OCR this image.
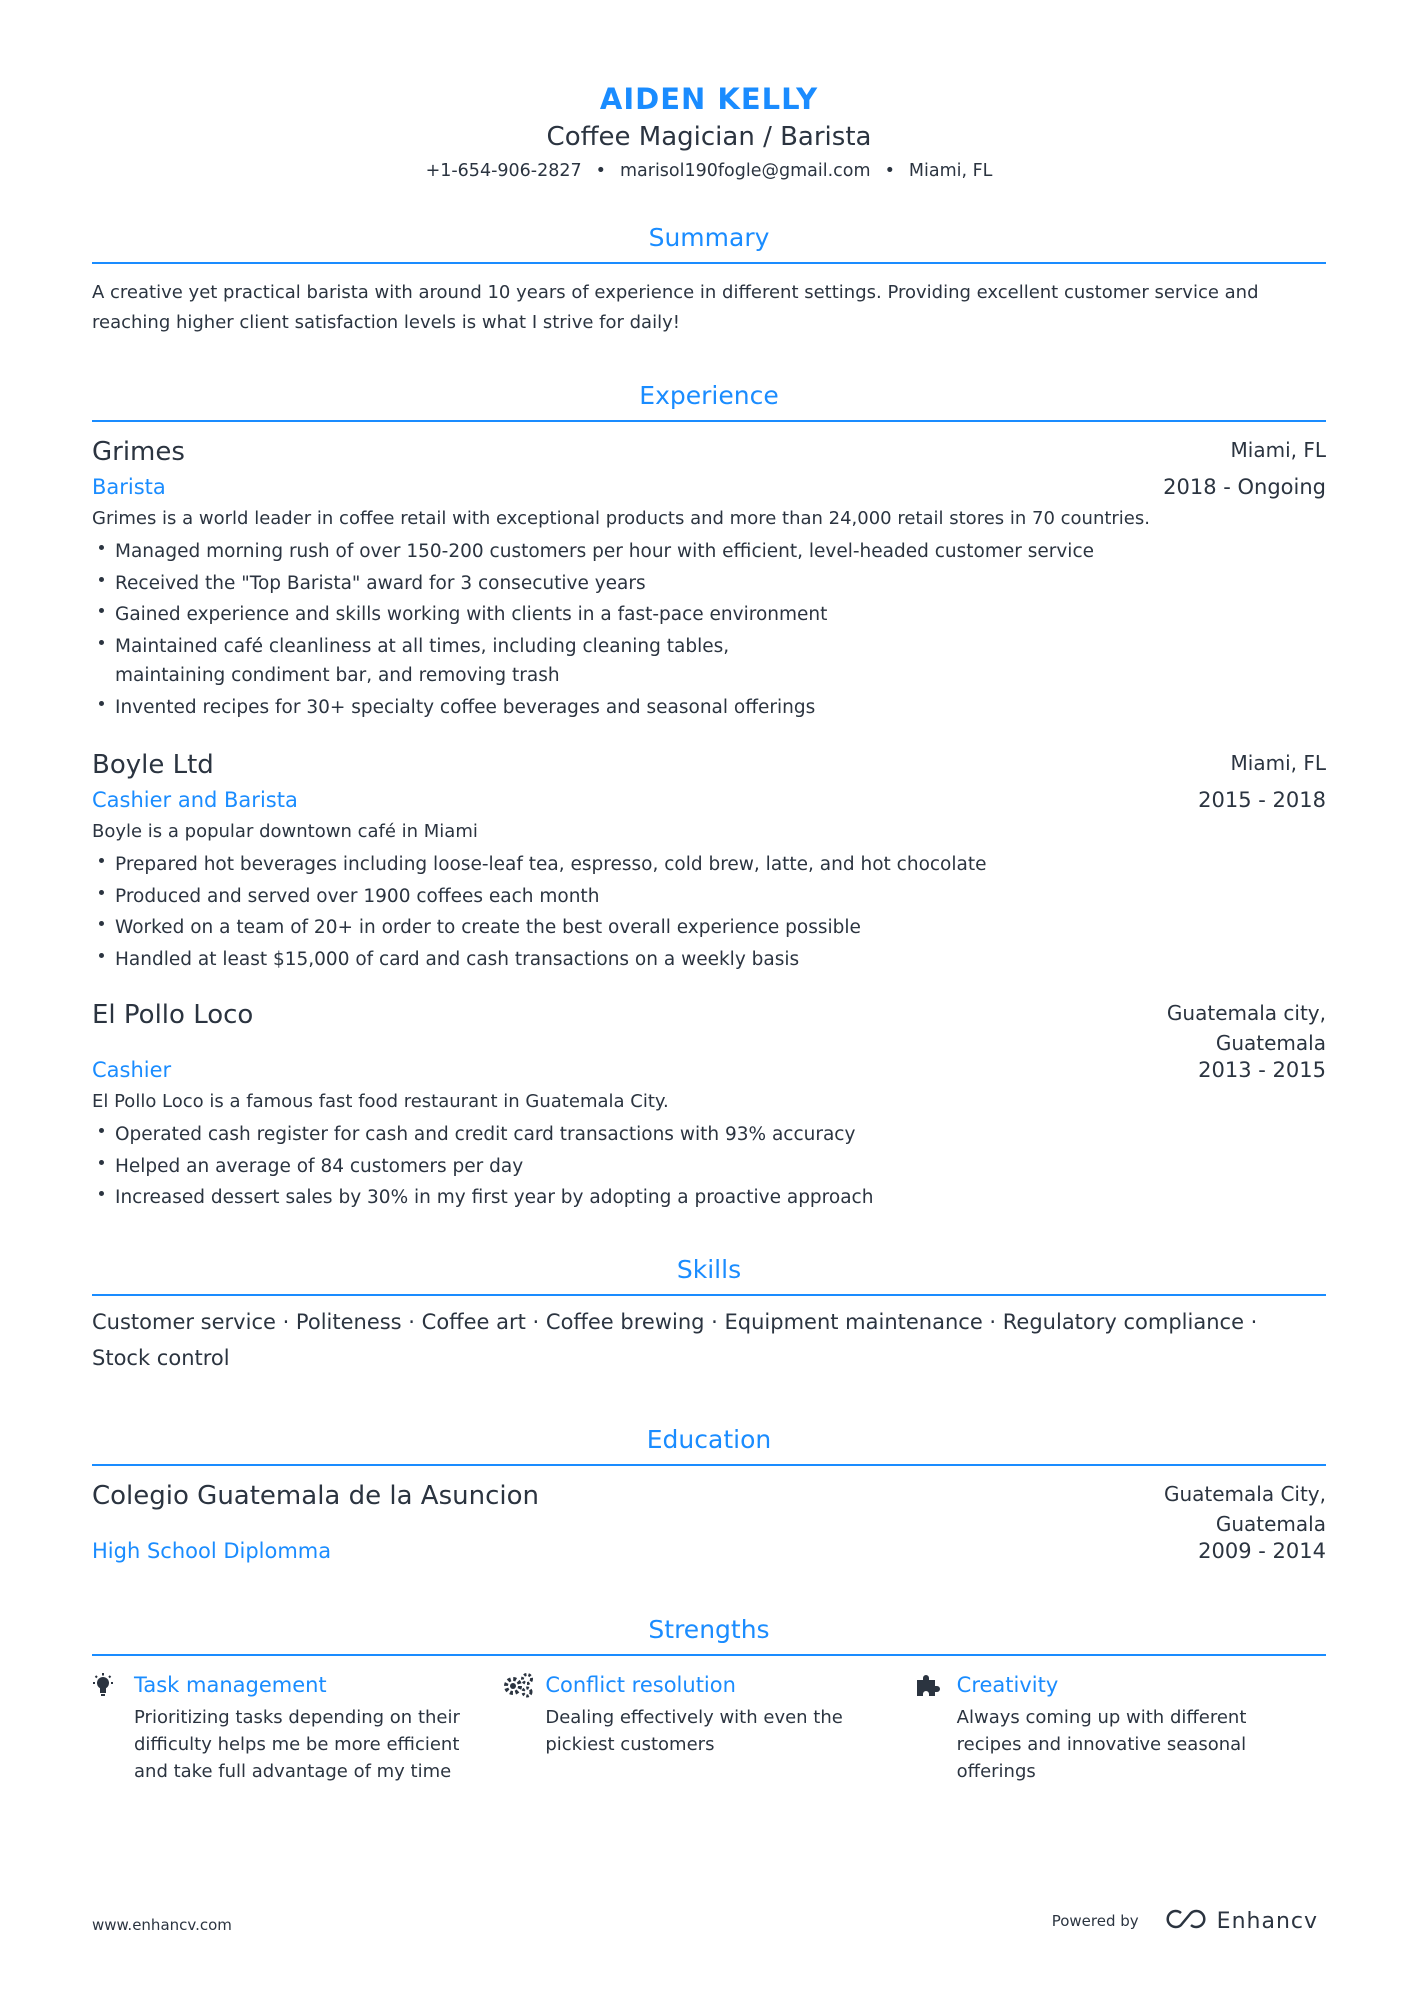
AIDEN KELLY
Coffee Magician / Barista
+1-654-906-2827 • marisol190fogle@gmail.com • Miami, FL
Summary
A creative yet practical barista with around 10 years of experience in different settings. Providing excellent customer service and reaching higher client satisfaction levels is what I strive for daily!
Experience
Grimes	Miami, FL
Barista	2018 - Ongoing
Grimes is a world leader in coffee retail with exceptional products and more than 24,000 retail stores in 70 countries.
Managed morning rush of over 150-200 customers per hour with efficient, level-headed customer service
Received the "Top Barista" award for 3 consecutive years
Gained experience and skills working with clients in a fast-pace environment
Maintained café cleanliness at all times, including cleaning tables,
maintaining condiment bar, and removing trash
Invented recipes for 30+ specialty coffee beverages and seasonal offerings
Boyle Ltd	Miami, FL
Cashier and Barista	2015 - 2018
Boyle is a popular downtown café in Miami
Prepared hot beverages including loose-leaf tea, espresso, cold brew, latte, and hot chocolate
Produced and served over 1900 coffees each month
Worked on a team of 20+ in order to create the best overall experience possible
Handled at least $15,000 of card and cash transactions on a weekly basis
El Pollo Loco	Guatemala city,
Guatemala
Cashier	2013 - 2015
El Pollo Loco is a famous fast food restaurant in Guatemala City.
Operated cash register for cash and credit card transactions with 93% accuracy
Helped an average of 84 customers per day
Increased dessert sales by 30% in my first year by adopting a proactive approach
Skills
Customer service · Politeness · Coffee art · Coffee brewing · Equipment maintenance · Regulatory compliance ·
Stock control
Education
Colegio Guatemala de la Asuncion	Guatemala City,
Guatemala
High School Diplomma	2009 - 2014
Strengths
Task management
Prioritizing tasks depending on their difficulty helps me be more efficient and take full advantage of my time
Conflict resolution
Dealing effectively with even the pickiest customers
Creativity
Always coming up with different recipes and innovative seasonal offerings
www.enhancv.com	Powered by	Enhancv
